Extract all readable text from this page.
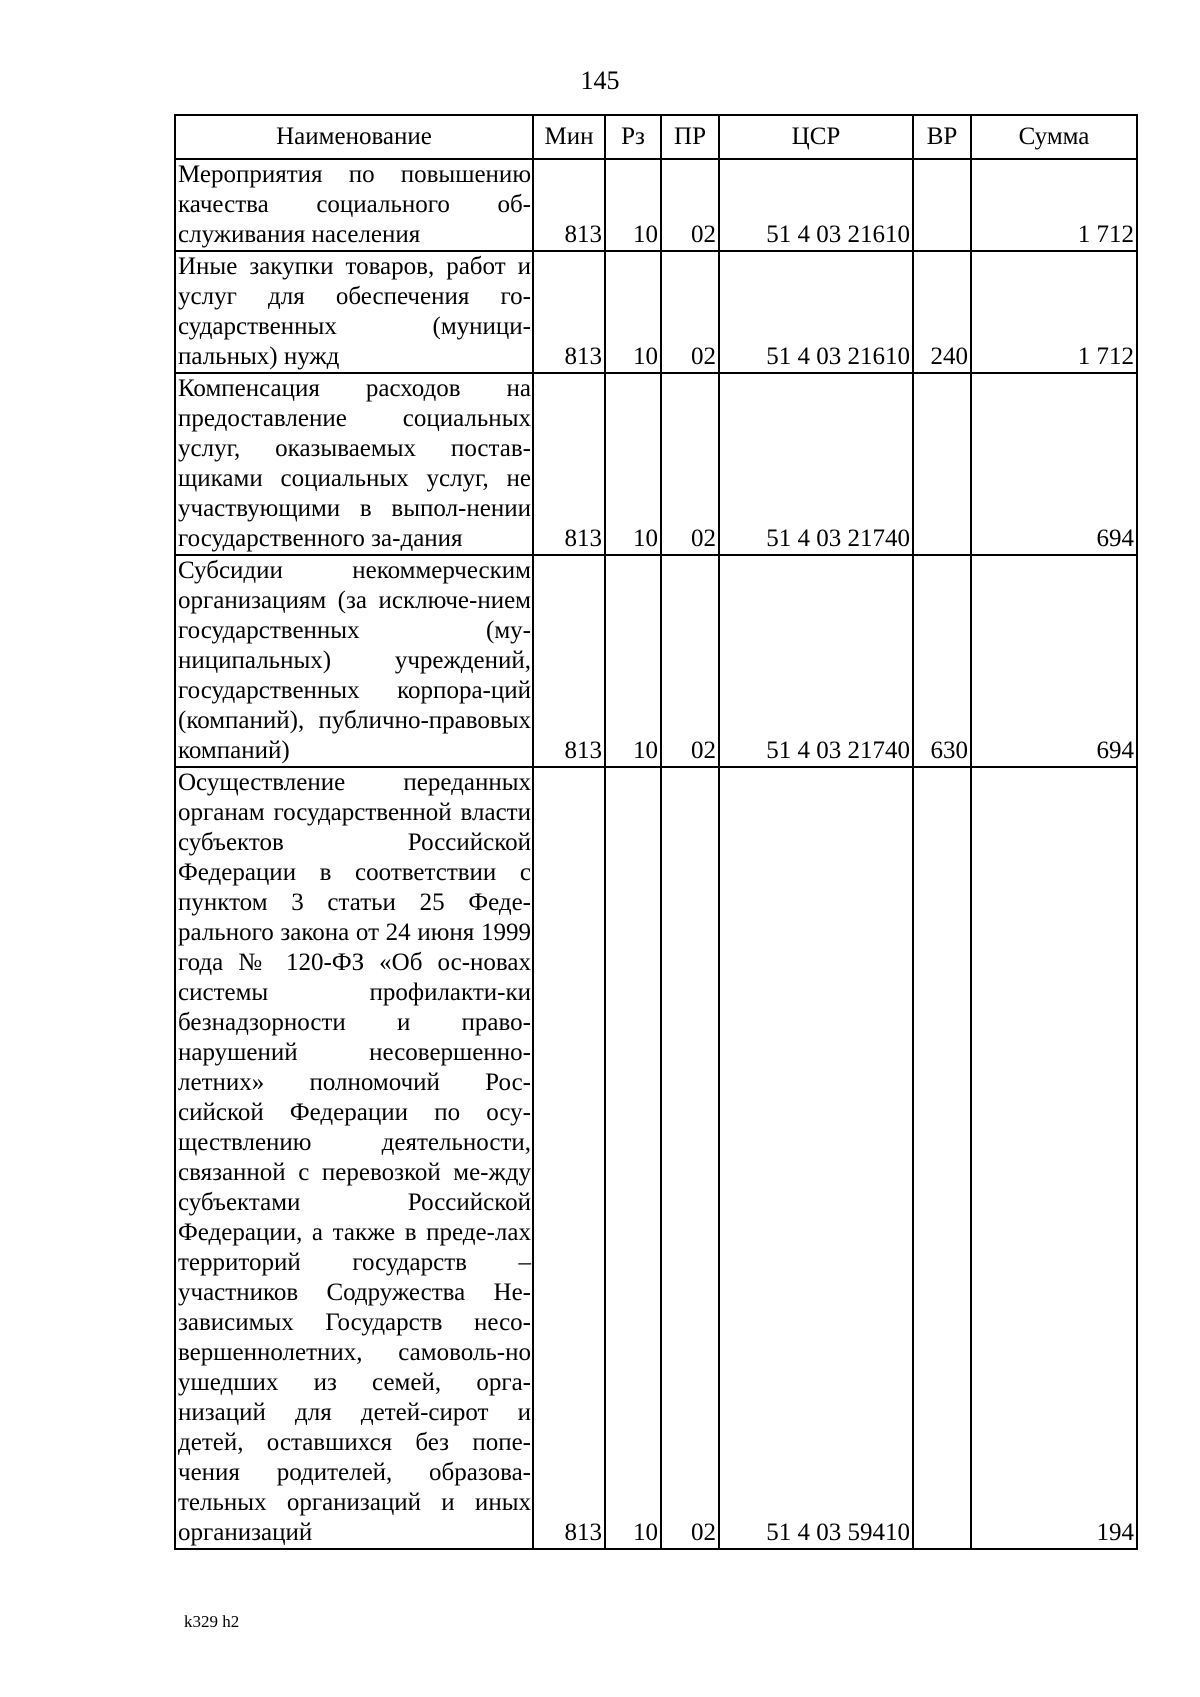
145
Наименование	Мин	Рз	ПР	ЦСР	ВР	Сумма
Мероприятия по повышению качества социального об-служивания населения	813	10	02	51 4 03 21610		1 712
Иные закупки товаров, работ и услуг для обеспечения го-сударственных (муници-пальных) нужд	813	10	02	51 4 03 21610	240	1 712
Компенсация расходов на предоставление социальных услуг, оказываемых постав-щиками социальных услуг, не участвующими в выпол-нении государственного за-дания	813	10	02	51 4 03 21740		694
Субсидии некоммерческим организациям (за исключе-нием государственных (му-ниципальных) учреждений, государственных корпора-ций (компаний), публично-правовых компаний)	813	10	02	51 4 03 21740	630	694
Осуществление переданных органам государственной власти субъектов Российской Федерации в соответствии с пунктом 3 статьи 25 Феде-рального закона от 24 июня 1999 года № 120-ФЗ «Об ос-новах системы профилакти-ки безнадзорности и право-нарушений несовершенно-летних» полномочий Рос-сийской Федерации по осу-ществлению деятельности, связанной с перевозкой ме-жду субъектами Российской Федерации, а также в преде-лах территорий государств – участников Содружества Не-зависимых Государств несо-вершеннолетних, самоволь-но ушедших из семей, орга-низаций для детей-сирот и детей, оставшихся без попе-чения родителей, образова-тельных организаций и иных организаций	813	10	02	51 4 03 59410		194
k329 h2
